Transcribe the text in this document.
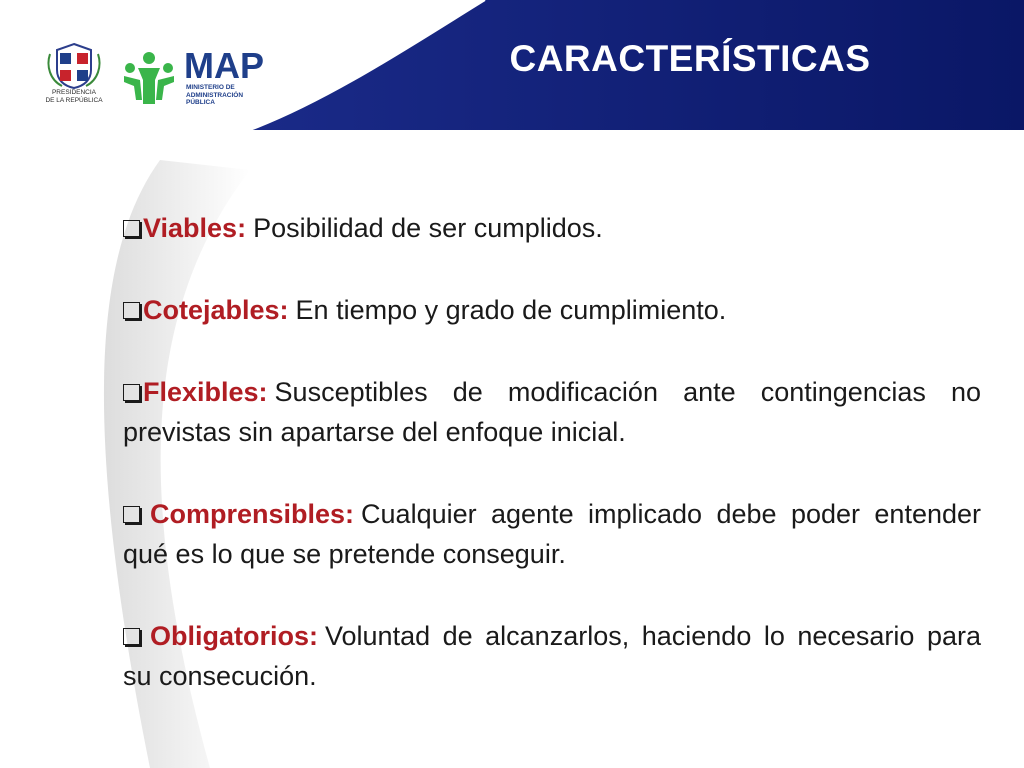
CARACTERÍSTICAS
PRESIDENCIA
DE LA REPÚBLICA
MAP
MINISTERIO DE
ADMINISTRACIÓN
PÚBLICA

Viables: Posibilidad de ser cumplidos.

Cotejables: En tiempo y grado de cumplimiento.

Flexibles: Susceptibles de modificación ante contingencias no previstas sin apartarse del enfoque inicial.

Comprensibles: Cualquier agente implicado debe poder entender qué es lo que se pretende conseguir.

Obligatorios: Voluntad de alcanzarlos, haciendo lo necesario para su consecución.
